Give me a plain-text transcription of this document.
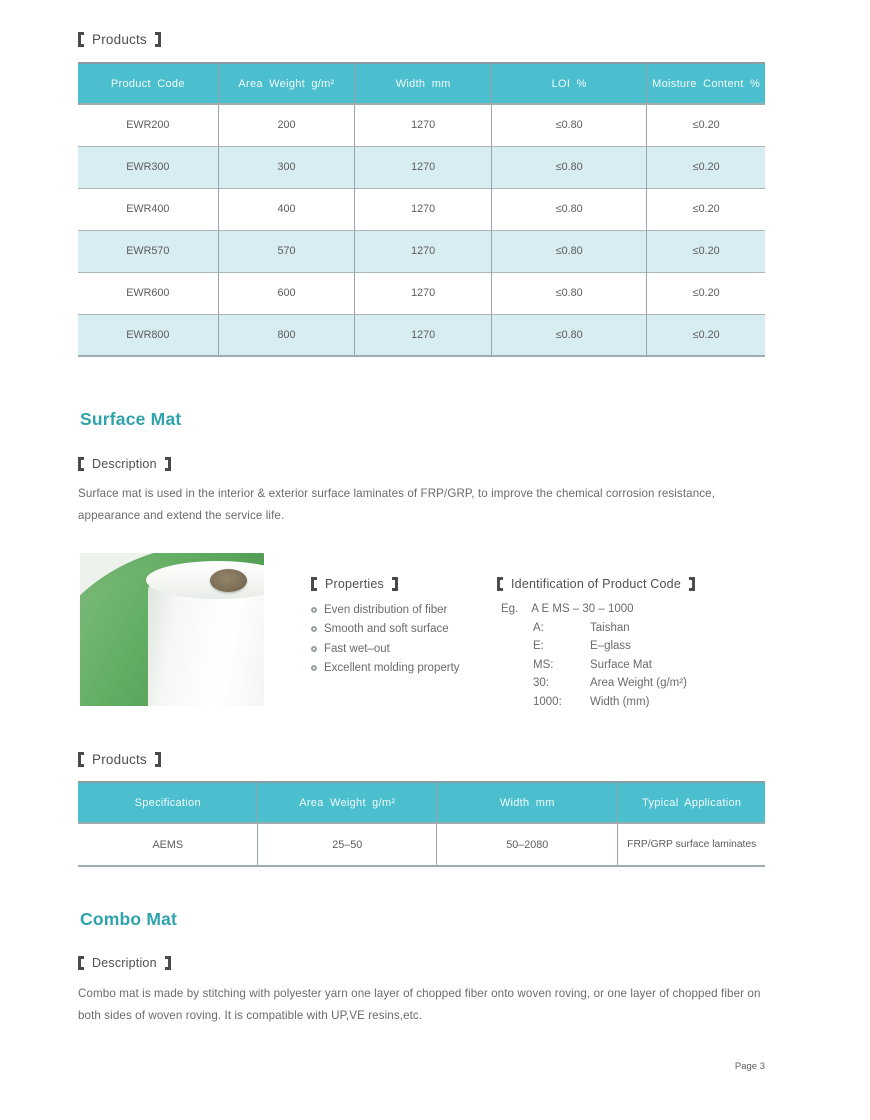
Products
Product Code	Area Weight g/m²	Width mm	LOI %	Moisture Content %
EWR200	200	1270	≤0.80	≤0.20
EWR300	300	1270	≤0.80	≤0.20
EWR400	400	1270	≤0.80	≤0.20
EWR570	570	1270	≤0.80	≤0.20
EWR600	600	1270	≤0.80	≤0.20
EWR800	800	1270	≤0.80	≤0.20
Surface Mat
Description

Surface mat is used in the interior & exterior surface laminates of FRP/GRP, to improve the chemical corrosion resistance, appearance and extend the service life.

Properties
Even distribution of fiber
Smooth and soft surface
Fast wet–out
Excellent molding property
Identification of Product Code
Eg. A E MS – 30 – 1000
A:	Taishan
E:	E–glass
MS:	Surface Mat
30:	Area Weight (g/m²)
1000:	Width (mm)
Products
Specification	Area Weight g/m²	Width mm	Typical Application
AEMS	25–50	50–2080	FRP/GRP surface laminates
Combo Mat
Description

Combo mat is made by stitching with polyester yarn one layer of chopped fiber onto woven roving, or one layer of chopped fiber on both sides of woven roving. It is compatible with UP,VE resins,etc.

Page 3
